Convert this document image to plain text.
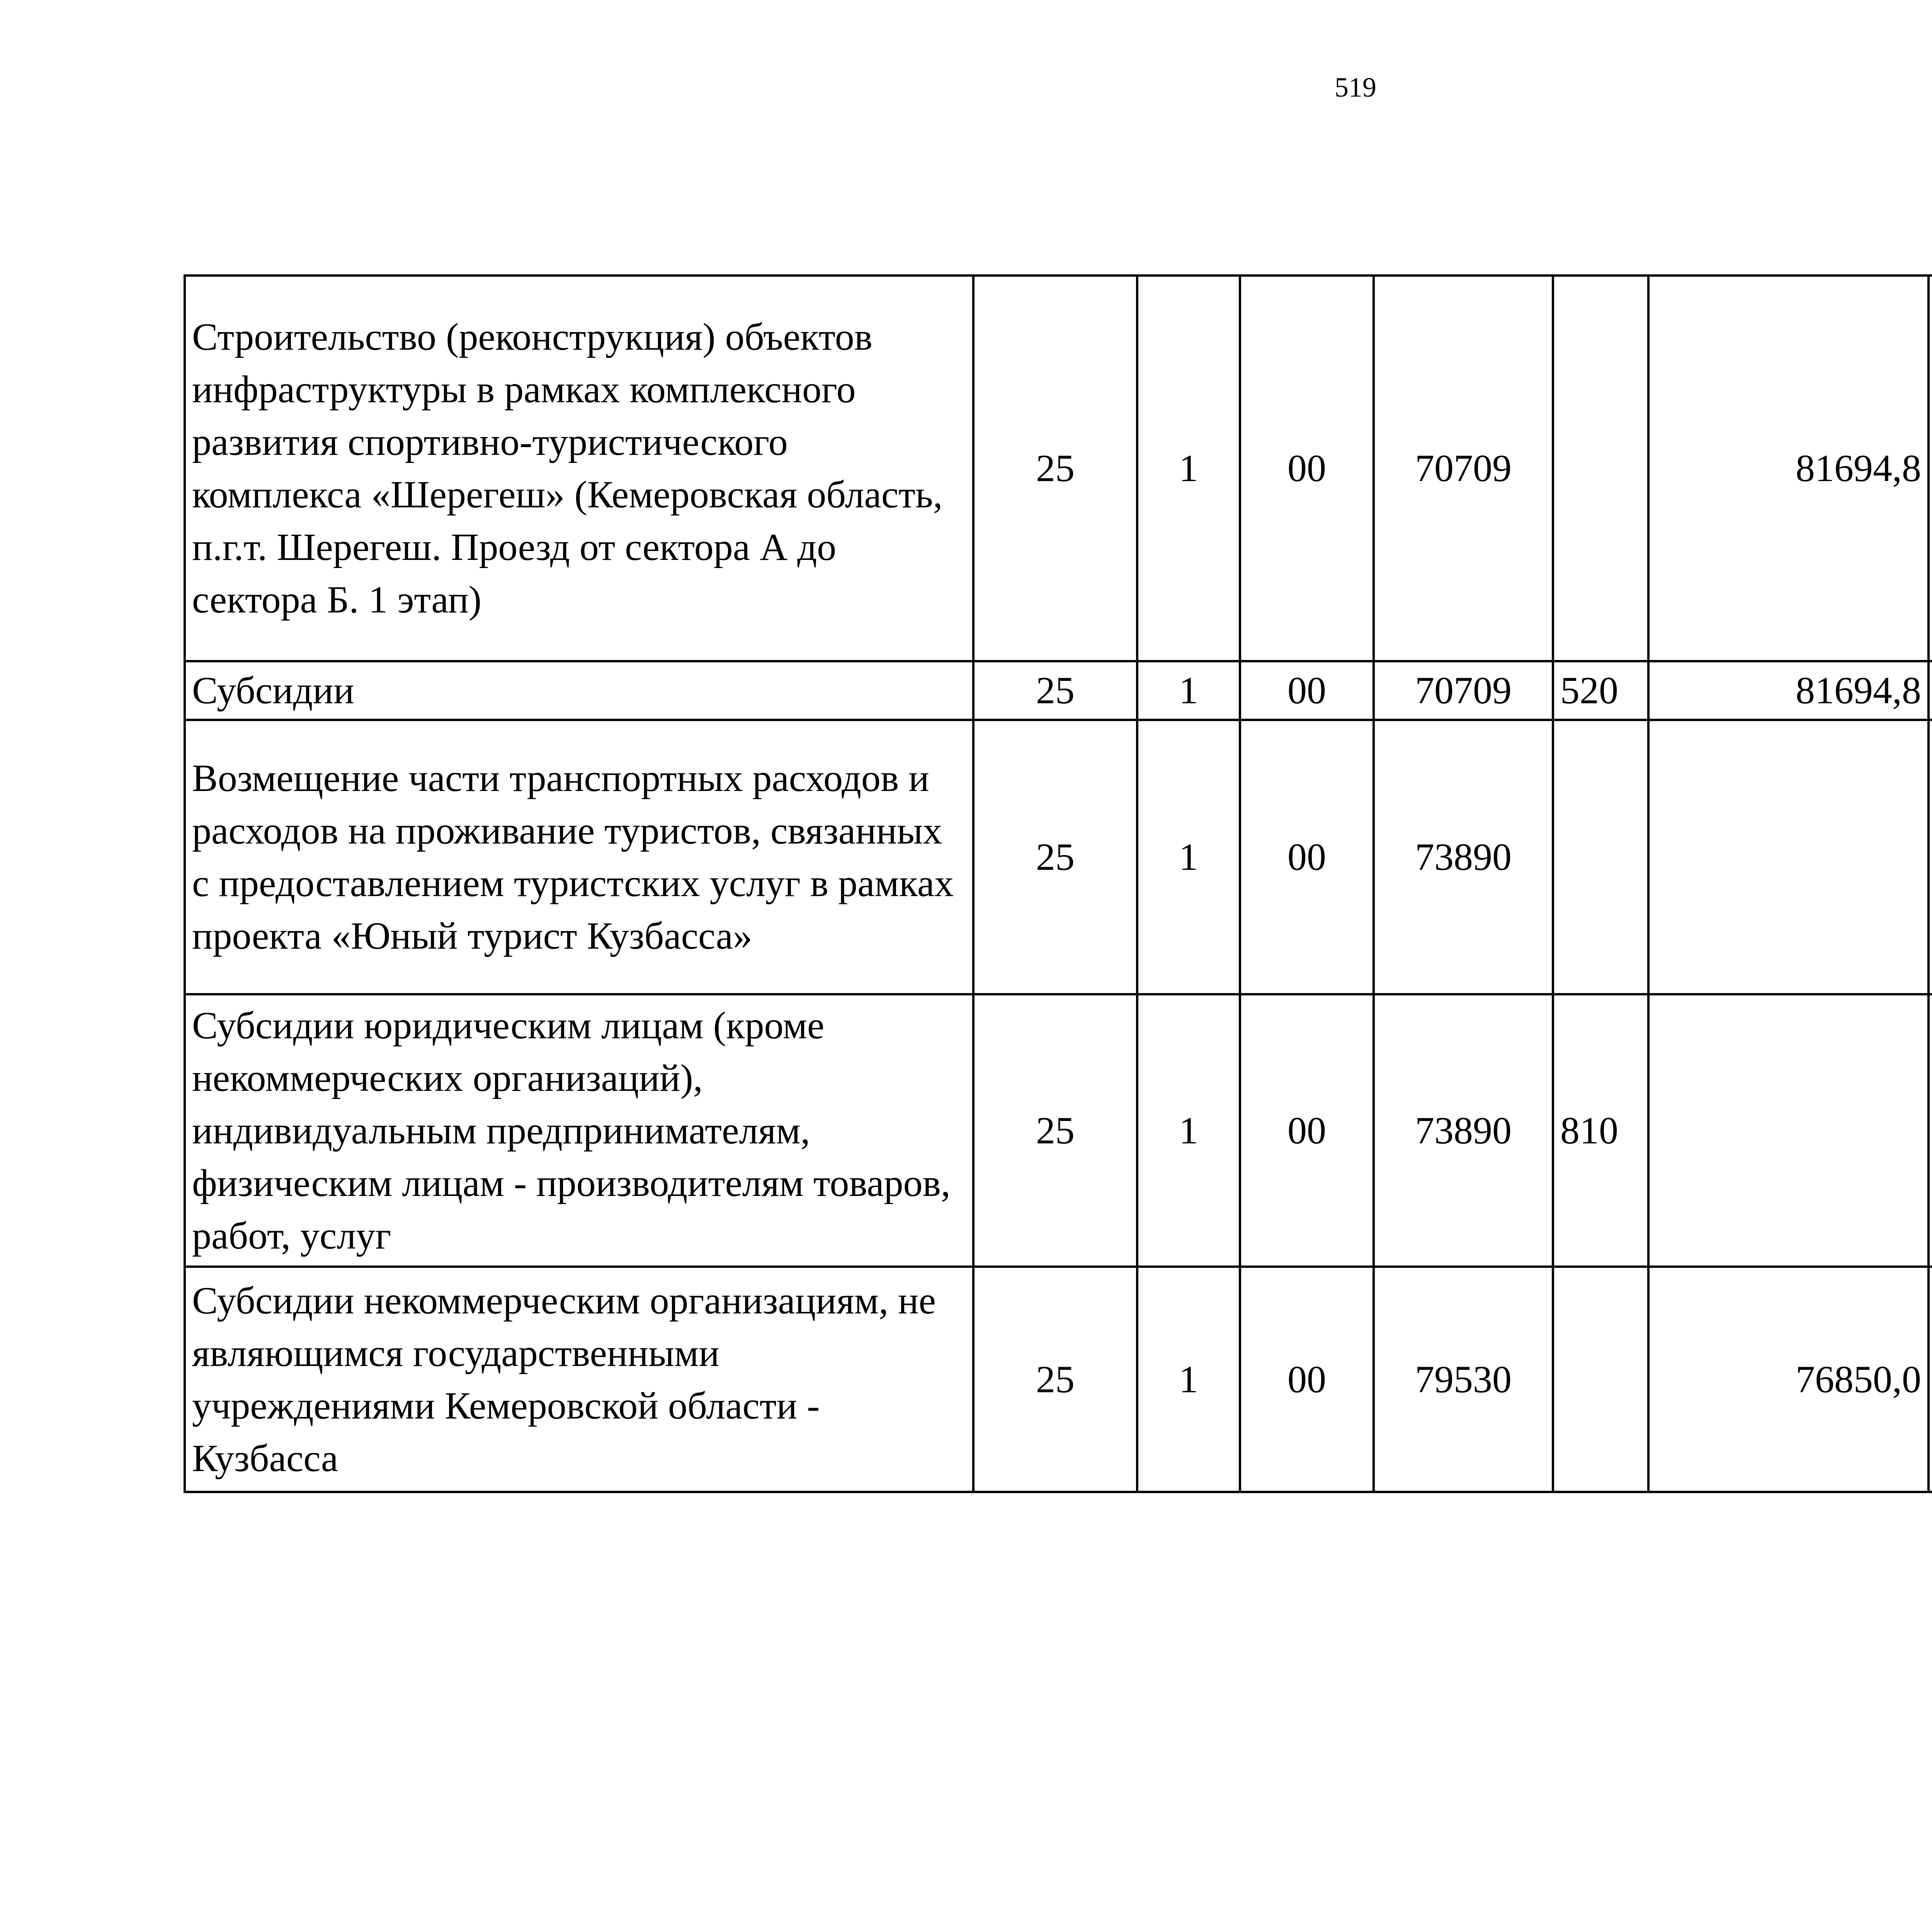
519
Строительство (реконструкция) объектов инфраструктуры в рамках комплексного развития спортивно-туристического комплекса «Шерегеш» (Кемеровская область, п.г.т. Шерегеш. Проезд от сектора А до сектора Б. 1 этап)	25	1	00	70709		81694,8		
Субсидии	25	1	00	70709	520	81694,8		
Возмещение части транспортных расходов и расходов на проживание туристов, связанных с предоставлением туристских услуг в рамках проекта «Юный турист Кузбасса»	25	1	00	73890				
Субсидии юридическим лицам (кроме некоммерческих организаций), индивидуальным предпринимателям, физическим лицам - производителям товаров, работ, услуг	25	1	00	73890	810			
Субсидии некоммерческим организациям, не являющимся государственными учреждениями Кемеровской области - Кузбасса	25	1	00	79530		76850,0		
